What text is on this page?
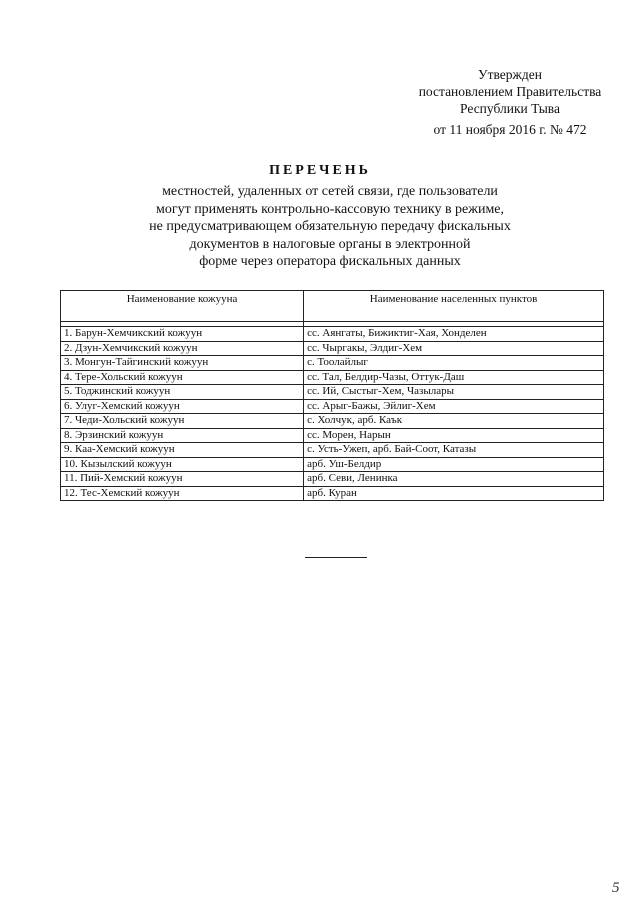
Утвержден
постановлением Правительства
Республики Тыва
от 11 ноября 2016 г. № 472
ПЕРЕЧЕНЬ
местностей, удаленных от сетей связи, где пользователи
могут применять контрольно-кассовую технику в режиме,
не предусматривающем обязательную передачу фискальных
документов в налоговые органы в электронной
форме через оператора фискальных данных
Наименование кожууна	Наименование населенных пунктов

1. Барун-Хемчикский кожуун	сс. Аянгаты, Бижиктиг-Хая, Хонделен
2. Дзун-Хемчикский кожуун	сс. Чыргакы, Элдиг-Хем
3. Монгун-Тайгинский кожуун	с. Тоолайлыг
4. Тере-Хольский кожуун	сс. Тал, Белдир-Чазы, Оттук-Даш
5. Тоджинский кожуун	сс. Ий, Сыстыг-Хем, Чазылары
6. Улуг-Хемский кожуун	сс. Арыг-Бажы, Эйлиг-Хем
7. Чеди-Хольский кожуун	с. Холчук, арб. Каък
8. Эрзинский кожуун	сс. Морен, Нарын
9. Каа-Хемский кожуун	с. Усть-Ужеп, арб. Бай-Соот, Катазы
10. Кызылский кожуун	арб. Уш-Белдир
11. Пий-Хемский кожуун	арб. Севи, Ленинка
12. Тес-Хемский кожуун	арб. Куран
5
